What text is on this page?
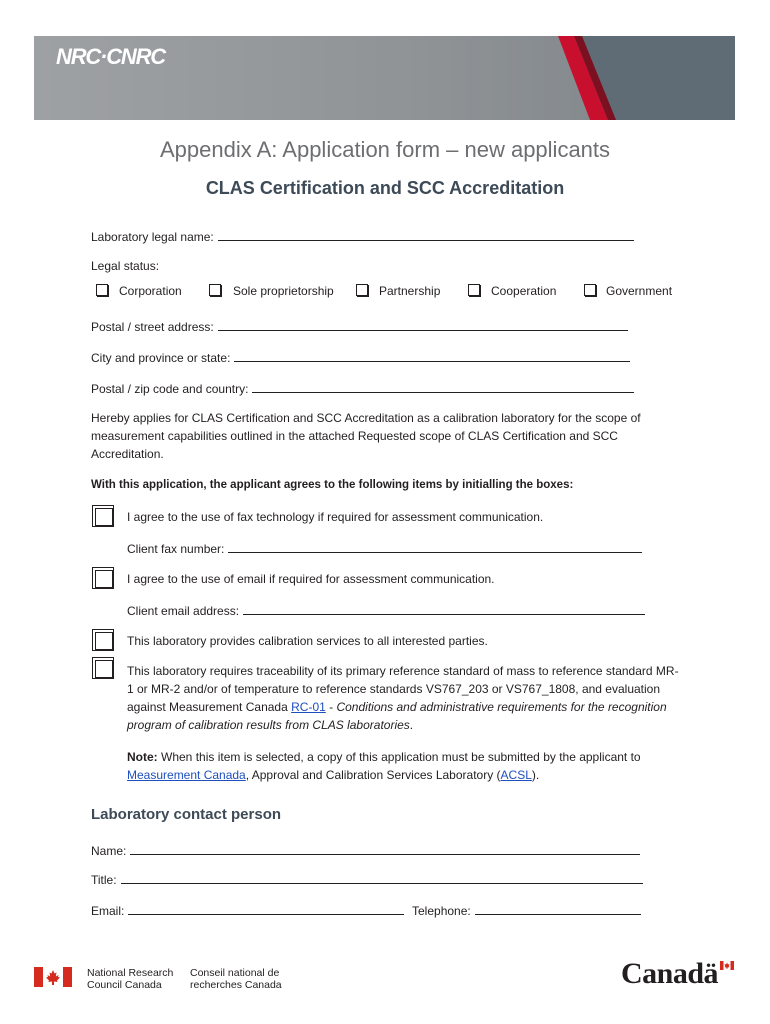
NRC·CNRC
Appendix A: Application form – new applicants
CLAS Certification and SCC Accreditation
Laboratory legal name:
Legal status:
Corporation	Sole proprietorship	Partnership	Cooperation	Government
Postal / street address:
City and province or state:
Postal / zip code and country:
Hereby applies for CLAS Certification and SCC Accreditation as a calibration laboratory for the scope of measurement capabilities outlined in the attached Requested scope of CLAS Certification and SCC Accreditation.
With this application, the applicant agrees to the following items by initialling the boxes:
I agree to the use of fax technology if required for assessment communication.
Client fax number:
I agree to the use of email if required for assessment communication.
Client email address:
This laboratory provides calibration services to all interested parties.
This laboratory requires traceability of its primary reference standard of mass to reference standard MR-
1 or MR-2 and/or of temperature to reference standards VS767_203 or VS767_1808, and evaluation
against Measurement Canada RC-01 - Conditions and administrative requirements for the recognition
program of calibration results from CLAS laboratories.
Note: When this item is selected, a copy of this application must be submitted by the applicant to
Measurement Canada, Approval and Calibration Services Laboratory (ACSL).
Laboratory contact person
Name:
Title:
Email:	Telephone:
National Research
Council Canada
Conseil national de
recherches Canada	Canadä
